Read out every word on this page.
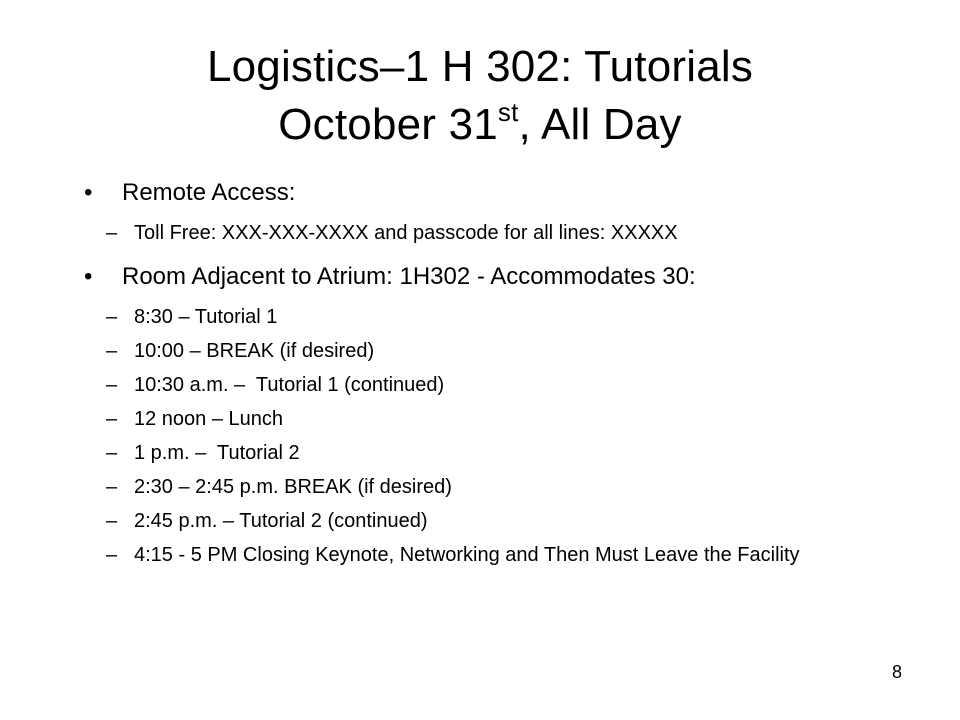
Logistics–1 H 302: Tutorials
October 31st, All Day
• Remote Access:
– Toll Free: XXX-XXX-XXXX and passcode for all lines: XXXXX
• Room Adjacent to Atrium: 1H302 - Accommodates 30:
– 8:30 – Tutorial 1
– 10:00 – BREAK (if desired)
– 10:30 a.m. –  Tutorial 1 (continued)
– 12 noon – Lunch
– 1 p.m. –  Tutorial 2
– 2:30 – 2:45 p.m. BREAK (if desired)
– 2:45 p.m. – Tutorial 2 (continued)
– 4:15 - 5 PM Closing Keynote, Networking and Then Must Leave the Facility
8
